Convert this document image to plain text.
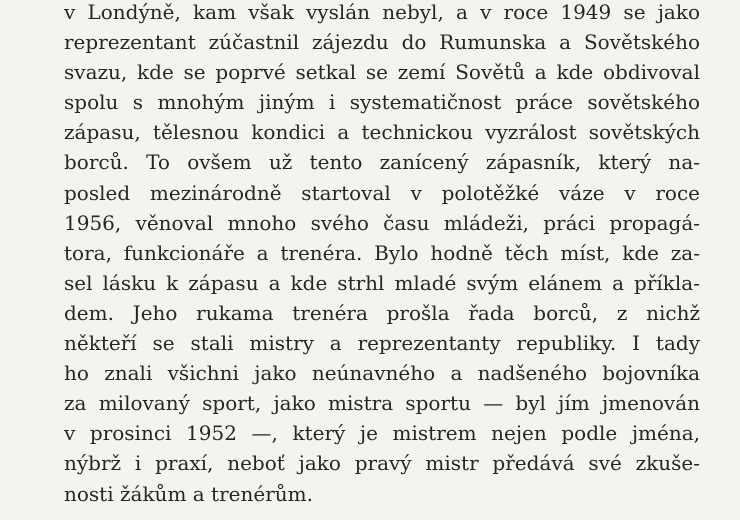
v Londýně, kam však vyslán nebyl, a v roce 1949 se jako
reprezentant zúčastnil zájezdu do Rumunska a Sovětského
svazu, kde se poprvé setkal se zemí Sovětů a kde obdivoval
spolu s mnohým jiným i systematičnost práce sovětského
zápasu, tělesnou kondici a technickou vyzrálost sovětských
borců. To ovšem už tento zanícený zápasník, který na-
posled mezinárodně startoval v polotěžké váze v roce
1956, věnoval mnoho svého času mládeži, práci propagá-
tora, funkcionáře a trenéra. Bylo hodně těch míst, kde za-
sel lásku k zápasu a kde strhl mladé svým elánem a příkla-
dem. Jeho rukama trenéra prošla řada borců, z nichž
někteří se stali mistry a reprezentanty republiky. I tady
ho znali všichni jako neúnavného a nadšeného bojovníka
za milovaný sport, jako mistra sportu — byl jím jmenován
v prosinci 1952 —, který je mistrem nejen podle jména,
nýbrž i praxí, neboť jako pravý mistr předává své zkuše-
nosti žákům a trenérům.
